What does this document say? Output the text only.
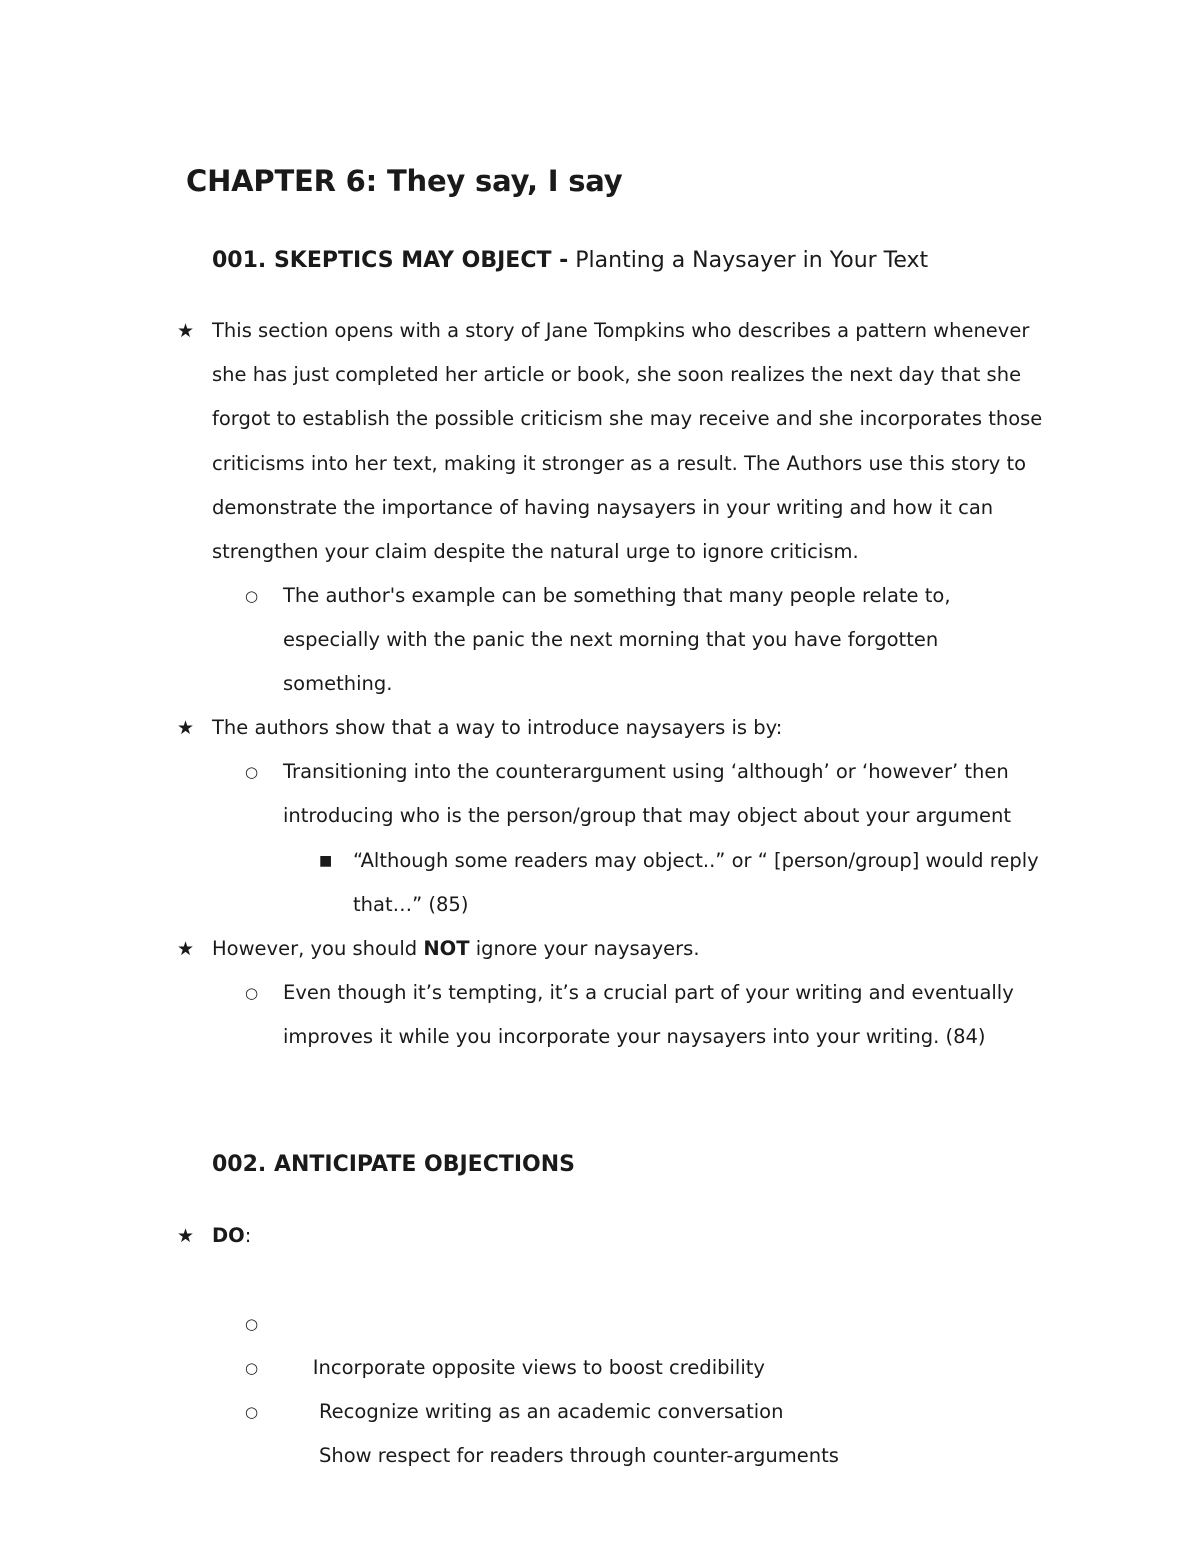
CHAPTER 6: They say, I say
001. SKEPTICS MAY OBJECT - Planting a Naysayer in Your Text
★ This section opens with a story of Jane Tompkins who describes a pattern whenever
she has just completed her article or book, she soon realizes the next day that she
forgot to establish the possible criticism she may receive and she incorporates those
criticisms into her text, making it stronger as a result. The Authors use this story to
demonstrate the importance of having naysayers in your writing and how it can
strengthen your claim despite the natural urge to ignore criticism.
○ The author's example can be something that many people relate to,
especially with the panic the next morning that you have forgotten
something.
★ The authors show that a way to introduce naysayers is by:
○ Transitioning into the counterargument using ‘although’ or ‘however’ then
introducing who is the person/group that may object about your argument
■ “Although some readers may object..” or “ [person/group] would reply
that…” (85)
★ However, you should NOT ignore your naysayers.
○ Even though it’s tempting, it’s a crucial part of your writing and eventually
improves it while you incorporate your naysayers into your writing. (84)
002. ANTICIPATE OBJECTIONS
★ DO:

○

Incorporate opposite views to boost credibility

○

Recognize writing as an academic conversation

○

Show respect for readers through counter-arguments
